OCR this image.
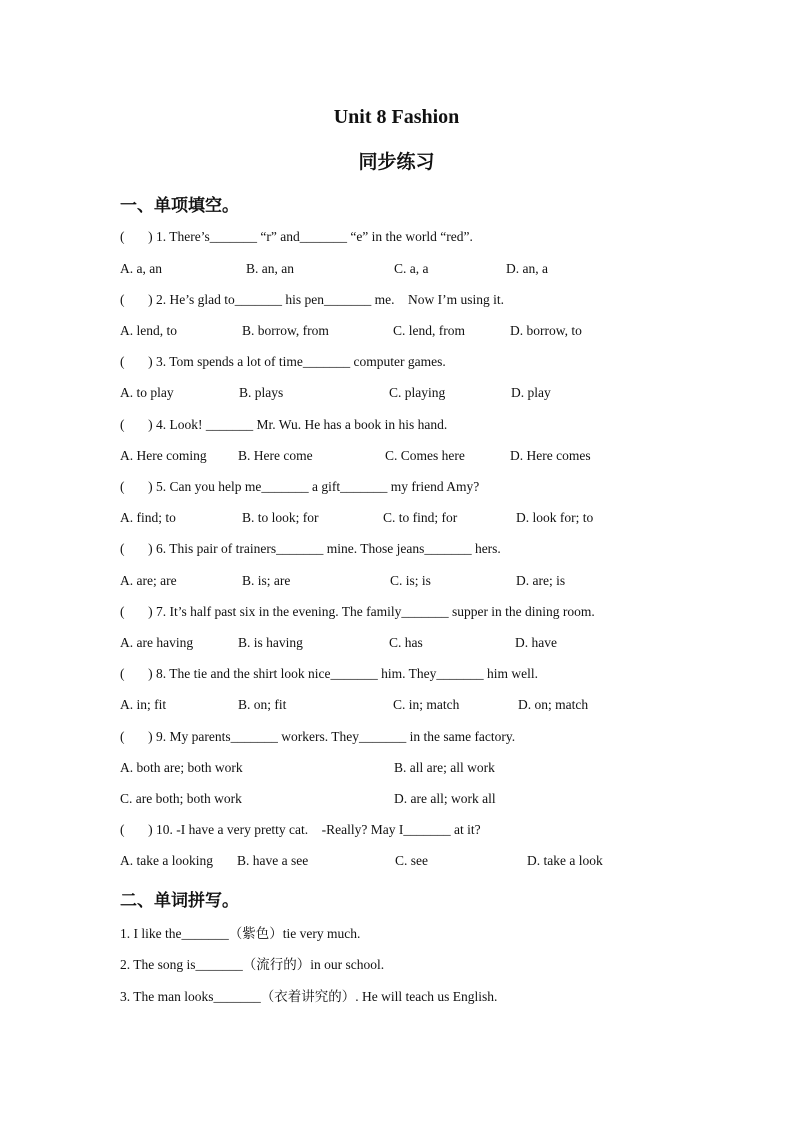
Unit 8 Fashion
同步练习
一、单项填空。
(       ) 1. There’s_______ “r” and_______ “e” in the world “red”.
A. a, an	B. an, an	C. a, a	D. an, a
(       ) 2. He’s glad to_______ his pen_______ me.    Now I’m using it.
A. lend, to	B. borrow, from	C. lend, from	D. borrow, to
(       ) 3. Tom spends a lot of time_______ computer games.
A. to play	B. plays	C. playing	D. play
(       ) 4. Look! _______ Mr. Wu. He has a book in his hand.
A. Here coming B. Here come	C. Comes here	D. Here comes
(       ) 5. Can you help me_______ a gift_______ my friend Amy?
A. find; to	B. to look; for	C. to find; for	D. look for; to
(       ) 6. This pair of trainers_______ mine. Those jeans_______ hers.
A. are; are	B. is; are	C. is; is	D. are; is
(       ) 7. It’s half past six in the evening. The family_______ supper in the dining room.
A. are having	B. is having	C. has	D. have
(       ) 8. The tie and the shirt look nice_______ him. They_______ him well.
A. in; fit	B. on; fit	C. in; match	D. on; match
(       ) 9. My parents_______ workers. They_______ in the same factory.
A. both are; both work	B. all are; all work
C. are both; both work	D. are all; work all
(       ) 10. -I have a very pretty cat.    -Really? May I_______ at it?
A. take a looking B. have a see	C. see	D. take a look
二、单词拼写。
1. I like the_______（紫色）tie very much.
2. The song is_______（流行的）in our school.
3. The man looks_______（衣着讲究的）. He will teach us English.
